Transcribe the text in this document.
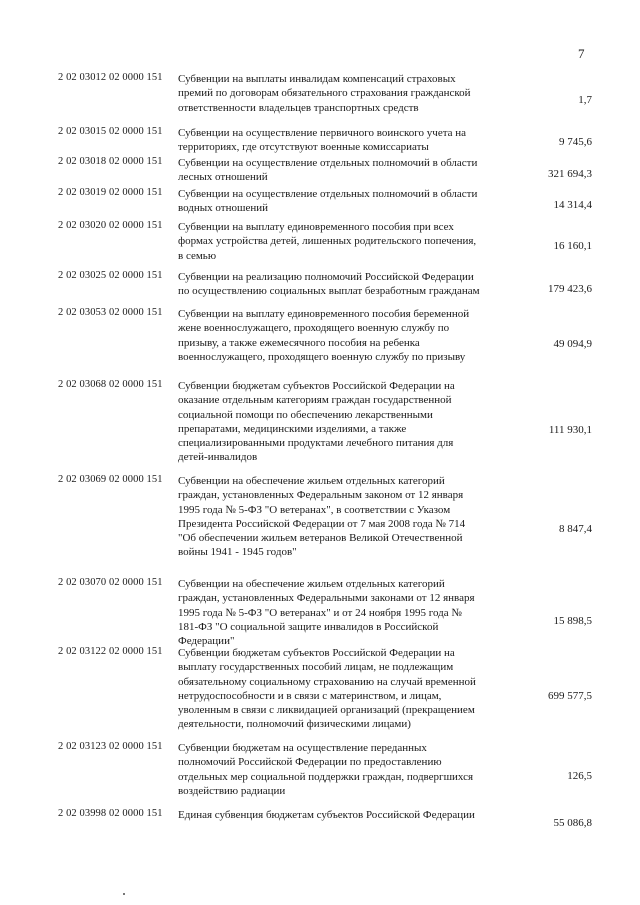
7
2 02 03012 02 0000 151 Субвенции на выплаты инвалидам компенсаций страховых
премий по договорам обязательного страхования гражданской
ответственности владельцев транспортных средств
1,7
2 02 03015 02 0000 151 Субвенции на осуществление первичного воинского учета на
территориях, где отсутствуют военные комиссариаты	9 745,6
2 02 03018 02 0000 151 Субвенции на осуществление отдельных полномочий в области
лесных отношений	321 694,3
2 02 03019 02 0000 151 Субвенции на осуществление отдельных полномочий в области
водных отношений	14 314,4
2 02 03020 02 0000 151 Субвенции на выплату единовременного пособия при всех
формах устройства детей, лишенных родительского попечения,
в семью
16 160,1
2 02 03025 02 0000 151 Субвенции на реализацию полномочий Российской Федерации
по осуществлению социальных выплат безработным гражданам	179 423,6
2 02 03053 02 0000 151 Субвенции на выплату единовременного пособия беременной
жене военнослужащего, проходящего военную службу по
призыву, а также ежемесячного пособия на ребенка
военнослужащего, проходящего военную службу по призыву
49 094,9
2 02 03068 02 0000 151 Субвенции бюджетам субъектов Российской Федерации на
оказание отдельным категориям граждан государственной
социальной помощи по обеспечению лекарственными
препаратами, медицинскими изделиями, а также
специализированными продуктами лечебного питания для
детей-инвалидов
111 930,1
2 02 03069 02 0000 151 Субвенции на обеспечение жильем отдельных категорий
граждан, установленных Федеральным законом от 12 января
1995 года № 5-ФЗ "О ветеранах", в соответствии с Указом
Президента Российской Федерации от 7 мая 2008 года № 714
"Об обеспечении жильем ветеранов Великой Отечественной
войны 1941 - 1945 годов"
8 847,4
2 02 03070 02 0000 151 Субвенции на обеспечение жильем отдельных категорий
граждан, установленных Федеральными законами от 12 января
1995 года № 5-ФЗ "О ветеранах" и от 24 ноября 1995 года №
181-ФЗ "О социальной защите инвалидов в Российской
Федерации"
15 898,5
2 02 03122 02 0000 151 Субвенции бюджетам субъектов Российской Федерации на
выплату государственных пособий лицам, не подлежащим
обязательному социальному страхованию на случай временной
нетрудоспособности и в связи с материнством, и лицам,
уволенным в связи с ликвидацией организаций (прекращением
деятельности, полномочий физическими лицами)
699 577,5
2 02 03123 02 0000 151 Субвенции бюджетам на осуществление переданных
полномочий Российской Федерации по предоставлению
отдельных мер социальной поддержки граждан, подвергшихся
воздействию радиации
126,5
2 02 03998 02 0000 151 Единая субвенция бюджетам субъектов Российской Федерации
55 086,8
